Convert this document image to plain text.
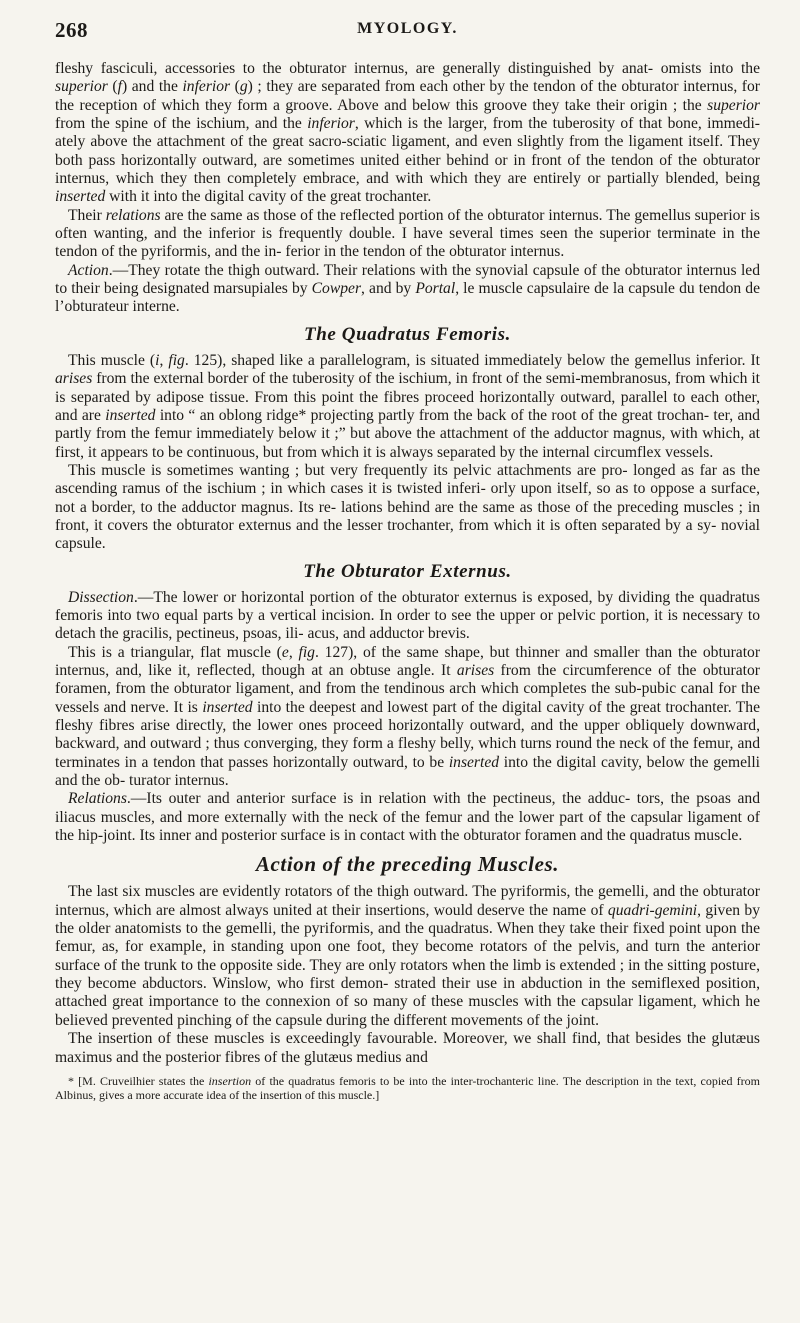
268	MYOLOGY.

fleshy fasciculi, accessories to the obturator internus, are generally distinguished by anat- omists into the superior (f) and the inferior (g) ; they are separated from each other by the tendon of the obturator internus, for the reception of which they form a groove. Above and below this groove they take their origin ; the superior from the spine of the ischium, and the inferior, which is the larger, from the tuberosity of that bone, immedi- ately above the attachment of the great sacro-sciatic ligament, and even slightly from the ligament itself. They both pass horizontally outward, are sometimes united either behind or in front of the tendon of the obturator internus, which they then completely embrace, and with which they are entirely or partially blended, being inserted with it into the digital cavity of the great trochanter.

Their relations are the same as those of the reflected portion of the obturator internus. The gemellus superior is often wanting, and the inferior is frequently double. I have several times seen the superior terminate in the tendon of the pyriformis, and the in- ferior in the tendon of the obturator internus.

Action.—They rotate the thigh outward. Their relations with the synovial capsule of the obturator internus led to their being designated marsupiales by Cowper, and by Portal, le muscle capsulaire de la capsule du tendon de l’obturateur interne.

The Quadratus Femoris.

This muscle (i, fig. 125), shaped like a parallelogram, is situated immediately below the gemellus inferior. It arises from the external border of the tuberosity of the ischium, in front of the semi-membranosus, from which it is separated by adipose tissue. From this point the fibres proceed horizontally outward, parallel to each other, and are inserted into “ an oblong ridge* projecting partly from the back of the root of the great trochan- ter, and partly from the femur immediately below it ;” but above the attachment of the adductor magnus, with which, at first, it appears to be continuous, but from which it is always separated by the internal circumflex vessels.

This muscle is sometimes wanting ; but very frequently its pelvic attachments are pro- longed as far as the ascending ramus of the ischium ; in which cases it is twisted inferi- orly upon itself, so as to oppose a surface, not a border, to the adductor magnus. Its re- lations behind are the same as those of the preceding muscles ; in front, it covers the obturator externus and the lesser trochanter, from which it is often separated by a sy- novial capsule.

The Obturator Externus.

Dissection.—The lower or horizontal portion of the obturator externus is exposed, by dividing the quadratus femoris into two equal parts by a vertical incision. In order to see the upper or pelvic portion, it is necessary to detach the gracilis, pectineus, psoas, ili- acus, and adductor brevis.

This is a triangular, flat muscle (e, fig. 127), of the same shape, but thinner and smaller than the obturator internus, and, like it, reflected, though at an obtuse angle. It arises from the circumference of the obturator foramen, from the obturator ligament, and from the tendinous arch which completes the sub-pubic canal for the vessels and nerve. It is inserted into the deepest and lowest part of the digital cavity of the great trochanter. The fleshy fibres arise directly, the lower ones proceed horizontally outward, and the upper obliquely downward, backward, and outward ; thus converging, they form a fleshy belly, which turns round the neck of the femur, and terminates in a tendon that passes horizontally outward, to be inserted into the digital cavity, below the gemelli and the ob- turator internus.

Relations.—Its outer and anterior surface is in relation with the pectineus, the adduc- tors, the psoas and iliacus muscles, and more externally with the neck of the femur and the lower part of the capsular ligament of the hip-joint. Its inner and posterior surface is in contact with the obturator foramen and the quadratus muscle.

Action of the preceding Muscles.

The last six muscles are evidently rotators of the thigh outward. The pyriformis, the gemelli, and the obturator internus, which are almost always united at their insertions, would deserve the name of quadri-gemini, given by the older anatomists to the gemelli, the pyriformis, and the quadratus. When they take their fixed point upon the femur, as, for example, in standing upon one foot, they become rotators of the pelvis, and turn the anterior surface of the trunk to the opposite side. They are only rotators when the limb is extended ; in the sitting posture, they become abductors. Winslow, who first demon- strated their use in abduction in the semiflexed position, attached great importance to the connexion of so many of these muscles with the capsular ligament, which he believed prevented pinching of the capsule during the different movements of the joint.

The insertion of these muscles is exceedingly favourable. Moreover, we shall find, that besides the glutæus maximus and the posterior fibres of the glutæus medius and

* [M. Cruveilhier states the insertion of the quadratus femoris to be into the inter-trochanteric line. The description in the text, copied from Albinus, gives a more accurate idea of the insertion of this muscle.]
